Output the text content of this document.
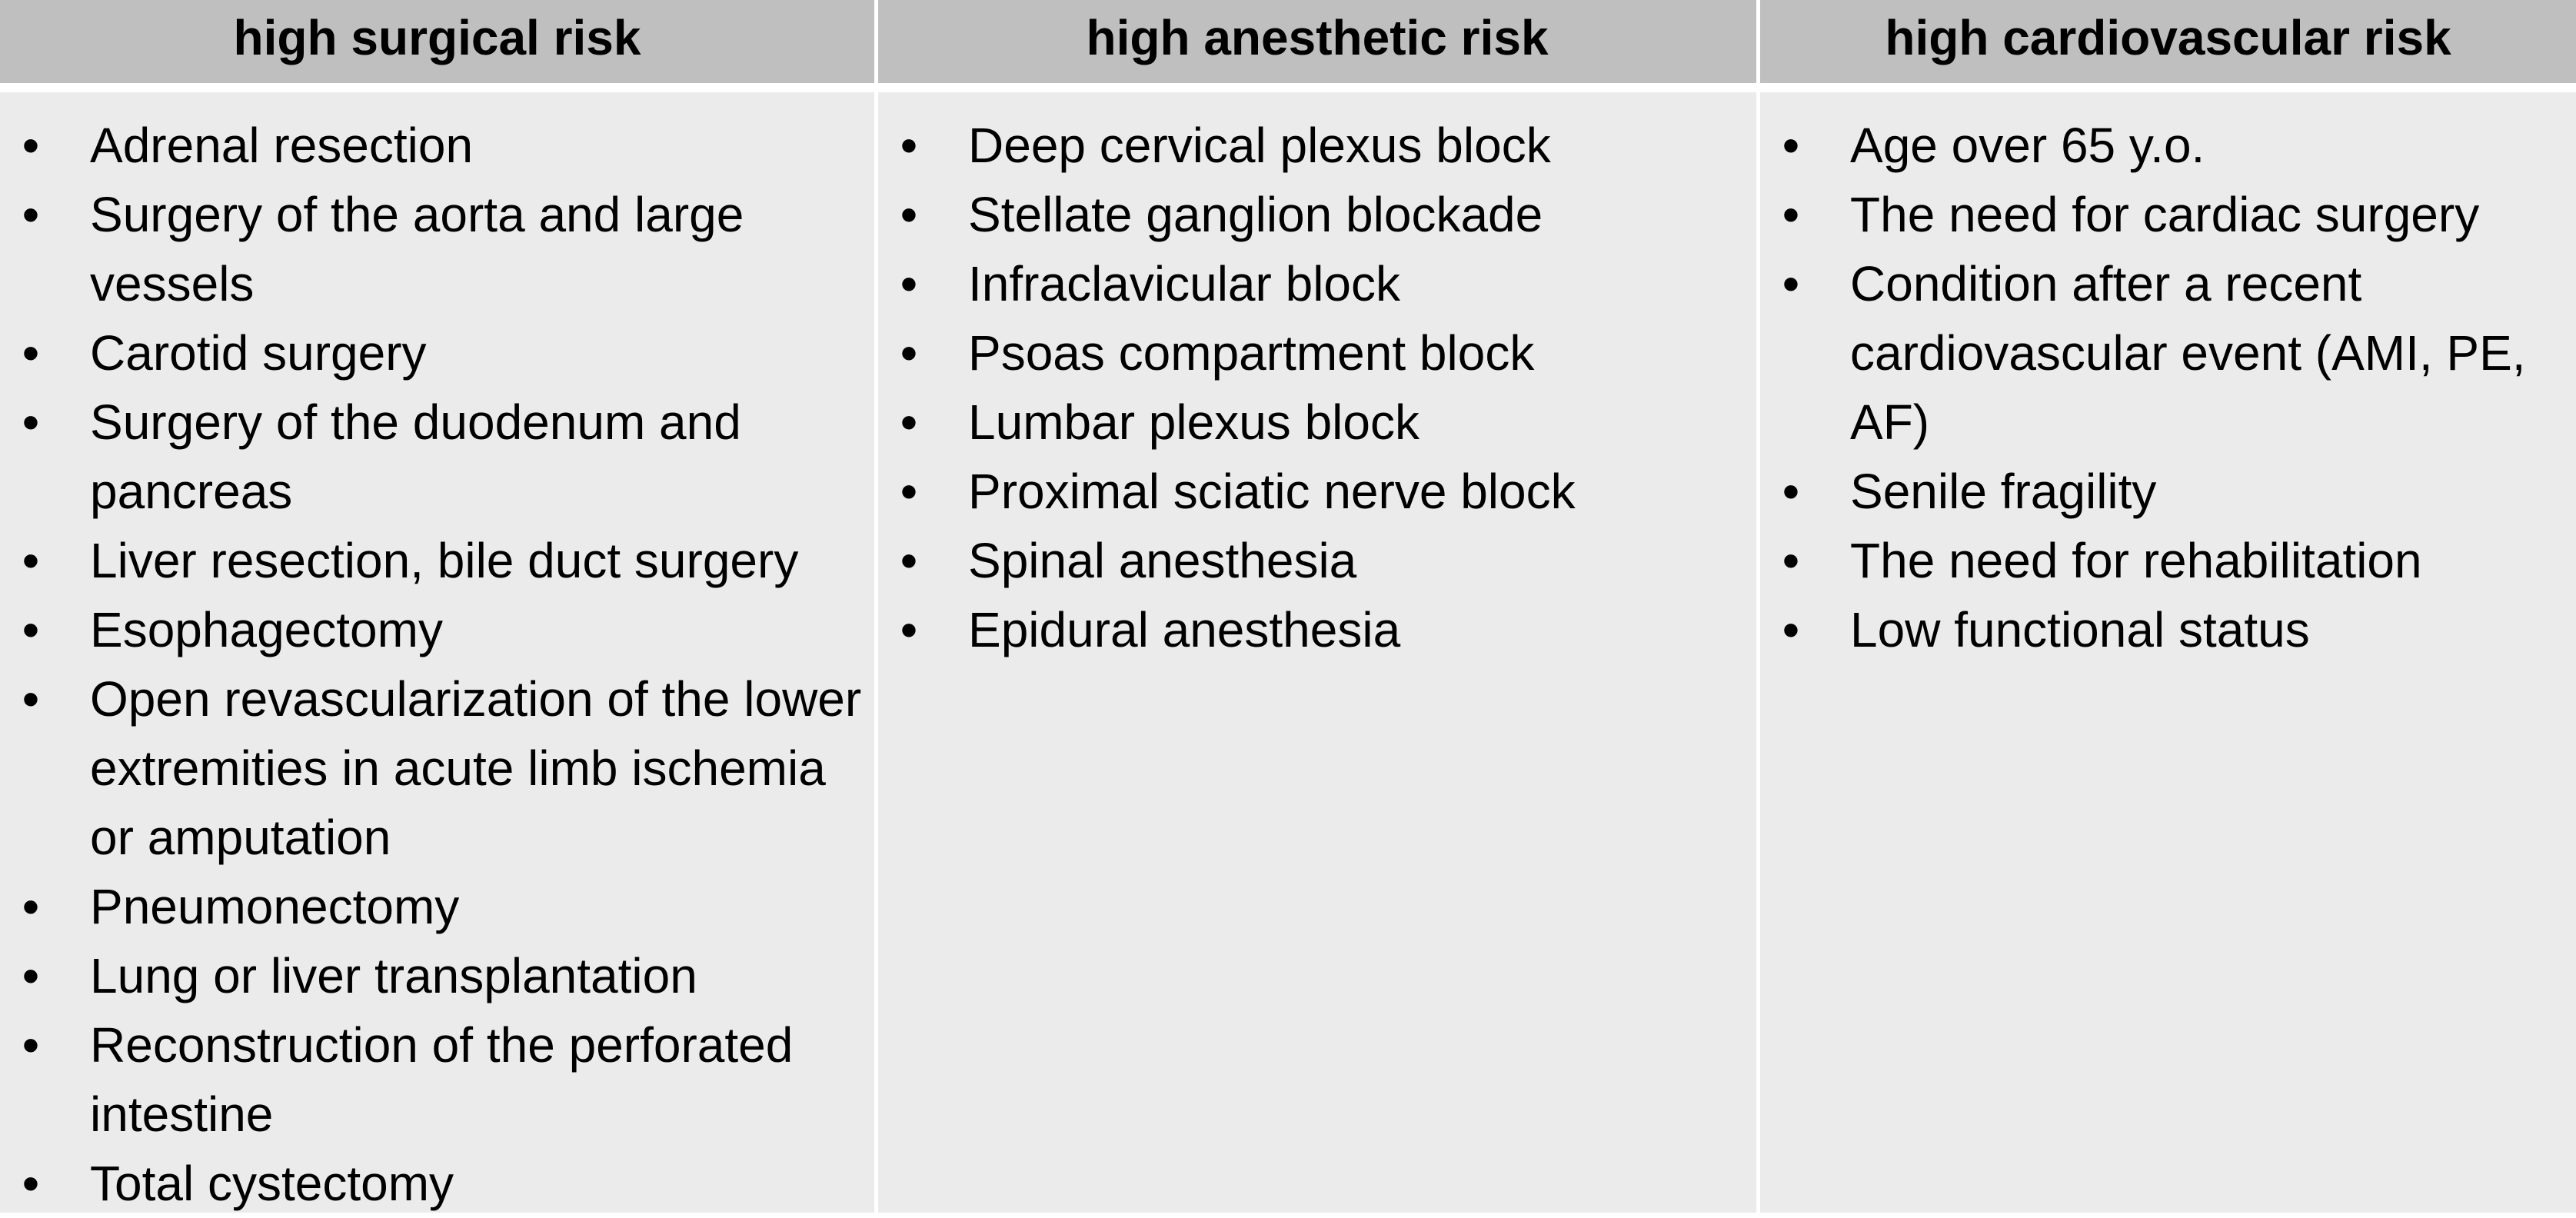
high surgical risk	high anesthetic risk	high cardiovascular risk
• Adrenal resection
• Surgery of the aorta and large vessels
• Carotid surgery
• Surgery of the duodenum and pancreas
• Liver resection, bile duct surgery
• Esophagectomy
• Open revascularization of the lower extremities in acute limb ischemia or amputation
• Pneumonectomy
• Lung or liver transplantation
• Reconstruction of the perforated intestine
• Total cystectomy
• Deep cervical plexus block
• Stellate ganglion blockade
• Infraclavicular block
• Psoas compartment block
• Lumbar plexus block
• Proximal sciatic nerve block
• Spinal anesthesia
• Epidural anesthesia
• Age over 65 y.o.
• The need for cardiac surgery
• Condition after a recent cardiovascular event (AMI, PE, AF)
• Senile fragility
• The need for rehabilitation
• Low functional status
